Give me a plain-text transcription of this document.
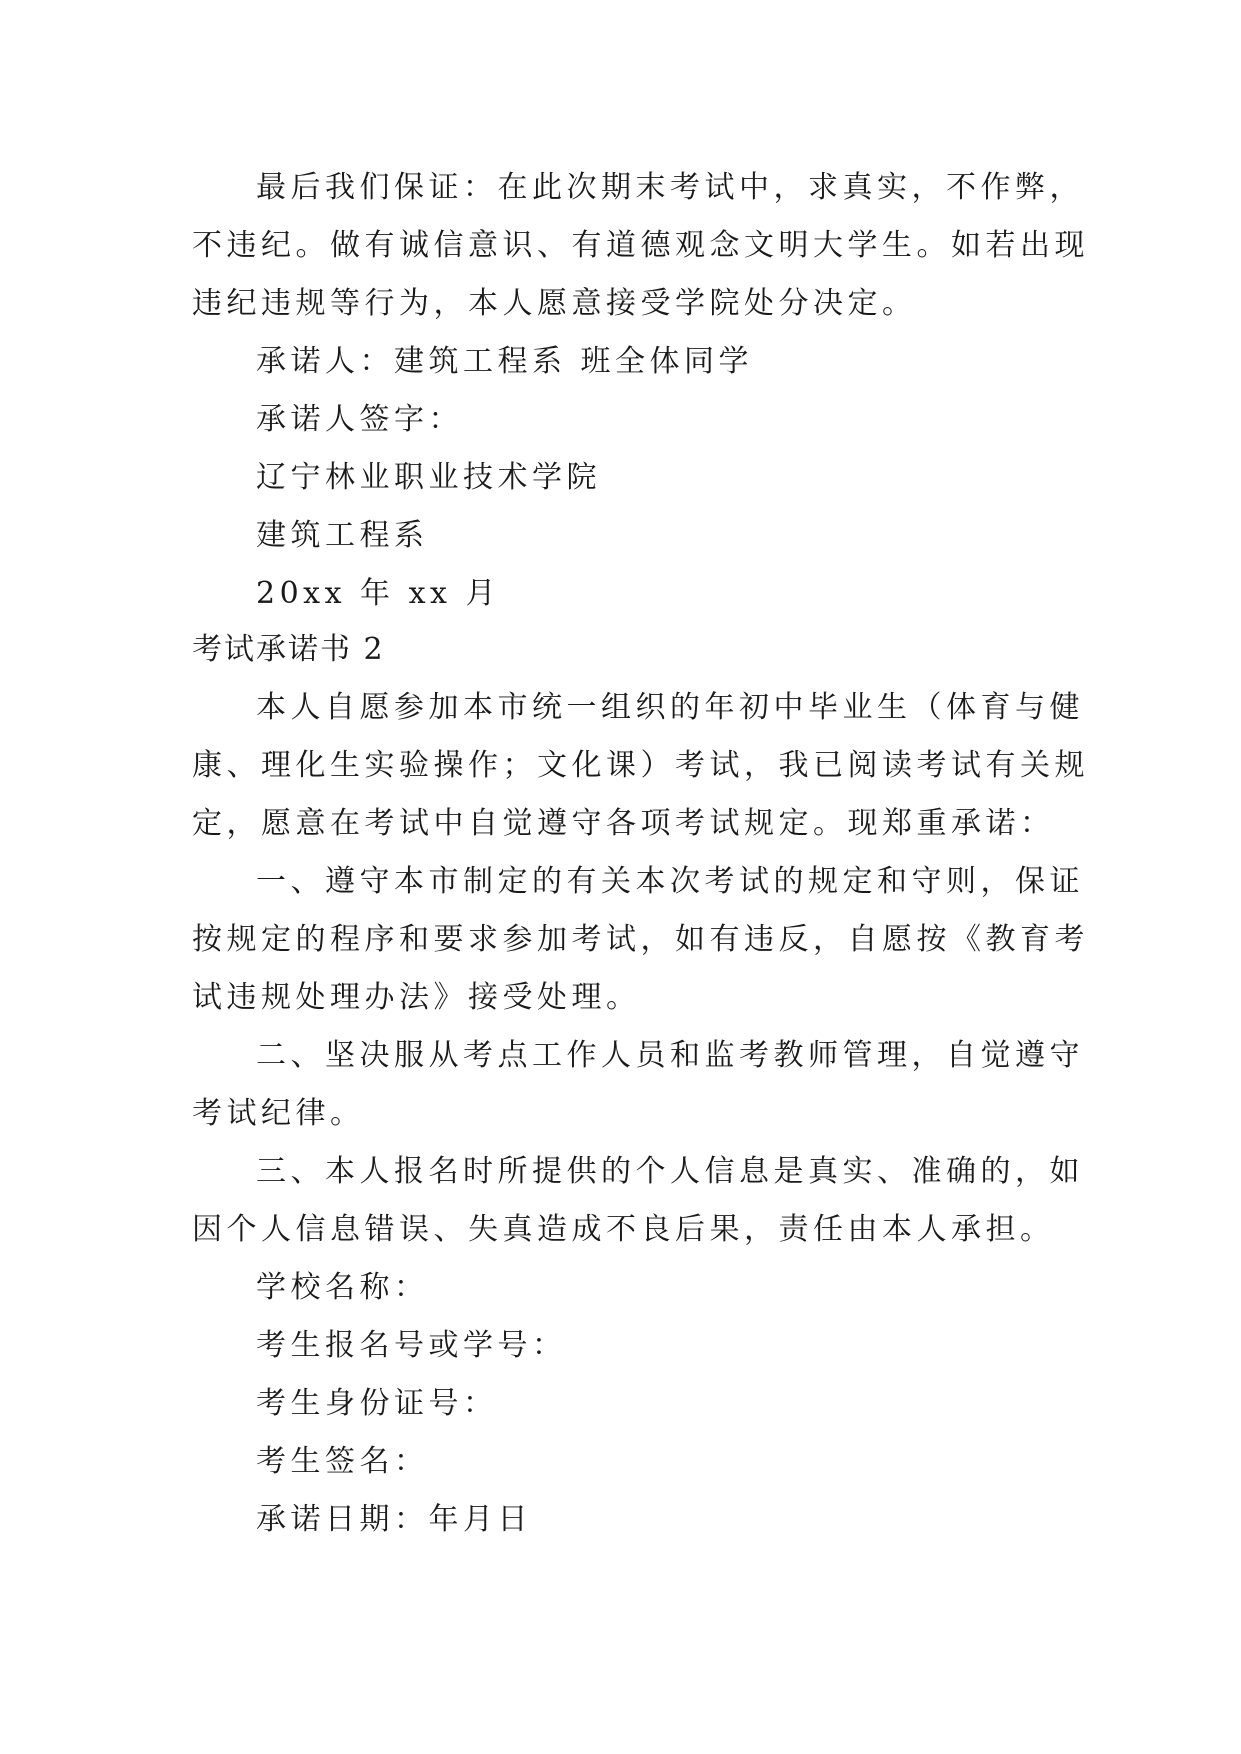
最后我们保证：在此次期末考试中，求真实，不作弊，
不违纪。做有诚信意识、有道德观念文明大学生。如若出现
违纪违规等行为，本人愿意接受学院处分决定。
承诺人：建筑工程系 班全体同学
承诺人签字：
辽宁林业职业技术学院
建筑工程系
20xx 年 xx 月
考试承诺书 2
本人自愿参加本市统一组织的年初中毕业生（体育与健
康、理化生实验操作；文化课）考试，我已阅读考试有关规
定，愿意在考试中自觉遵守各项考试规定。现郑重承诺：
一、遵守本市制定的有关本次考试的规定和守则，保证
按规定的程序和要求参加考试，如有违反，自愿按《教育考
试违规处理办法》接受处理。
二、坚决服从考点工作人员和监考教师管理，自觉遵守
考试纪律。
三、本人报名时所提供的个人信息是真实、准确的，如
因个人信息错误、失真造成不良后果，责任由本人承担。
学校名称：
考生报名号或学号：
考生身份证号：
考生签名：
承诺日期：年月日
